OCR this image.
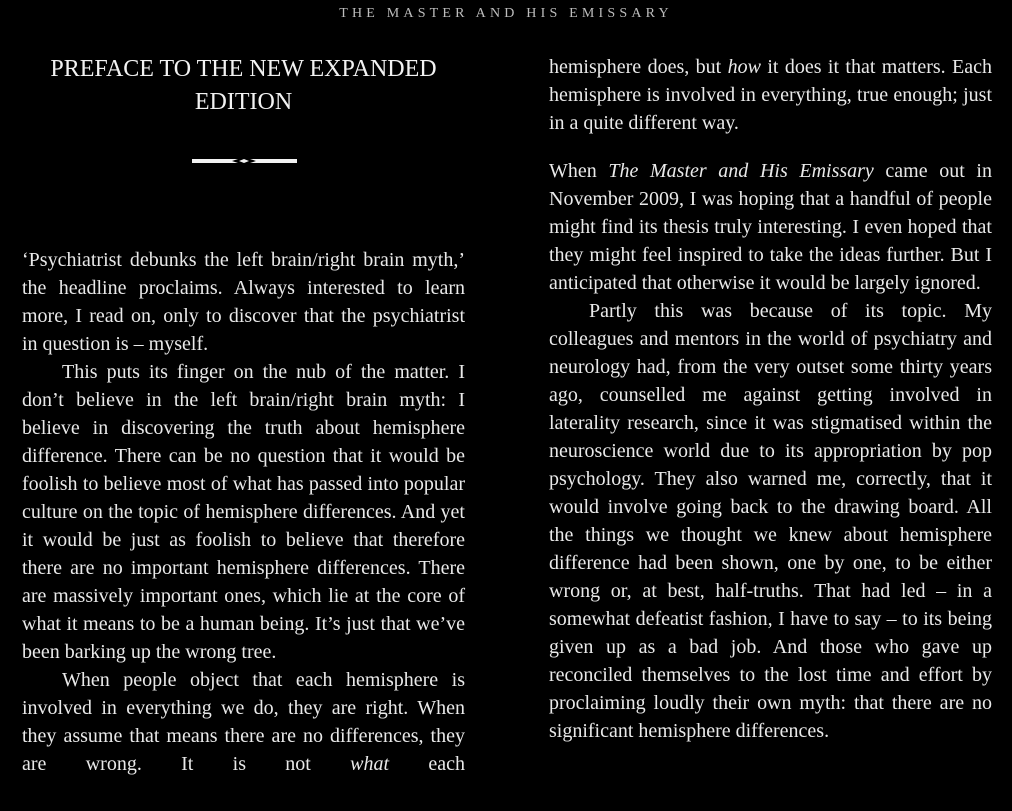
THE MASTER AND HIS EMISSARY
PREFACE TO THE NEW EXPANDED
EDITION

‘Psychiatrist debunks the left brain/right brain myth,’ the headline proclaims. Always interested to learn more, I read on, only to discover that the psychiatrist in question is – myself.

This puts its finger on the nub of the matter. I don’t believe in the left brain/right brain myth: I believe in discovering the truth about hemisphere difference. There can be no question that it would be foolish to believe most of what has passed into popular culture on the topic of hemisphere differences. And yet it would be just as foolish to believe that therefore there are no important hemisphere differences. There are massively important ones, which lie at the core of what it means to be a human being. It’s just that we’ve been barking up the wrong tree.

When people object that each hemisphere is involved in everything we do, they are right. When they assume that means there are no differences, they are wrong. It is not what each

hemisphere does, but how it does it that matters. Each hemisphere is involved in everything, true enough; just in a quite different way.

When The Master and His Emissary came out in November 2009, I was hoping that a handful of people might find its thesis truly interesting. I even hoped that they might feel inspired to take the ideas further. But I anticipated that otherwise it would be largely ignored.

Partly this was because of its topic. My colleagues and mentors in the world of psychiatry and neurology had, from the very outset some thirty years ago, counselled me against getting involved in laterality research, since it was stigmatised within the neuroscience world due to its appropriation by pop psychology. They also warned me, correctly, that it would involve going back to the drawing board. All the things we thought we knew about hemisphere difference had been shown, one by one, to be either wrong or, at best, half-truths. That had led – in a somewhat defeatist fashion, I have to say – to its being given up as a bad job. And those who gave up reconciled themselves to the lost time and effort by proclaiming loudly their own myth: that there are no significant hemisphere differences.
